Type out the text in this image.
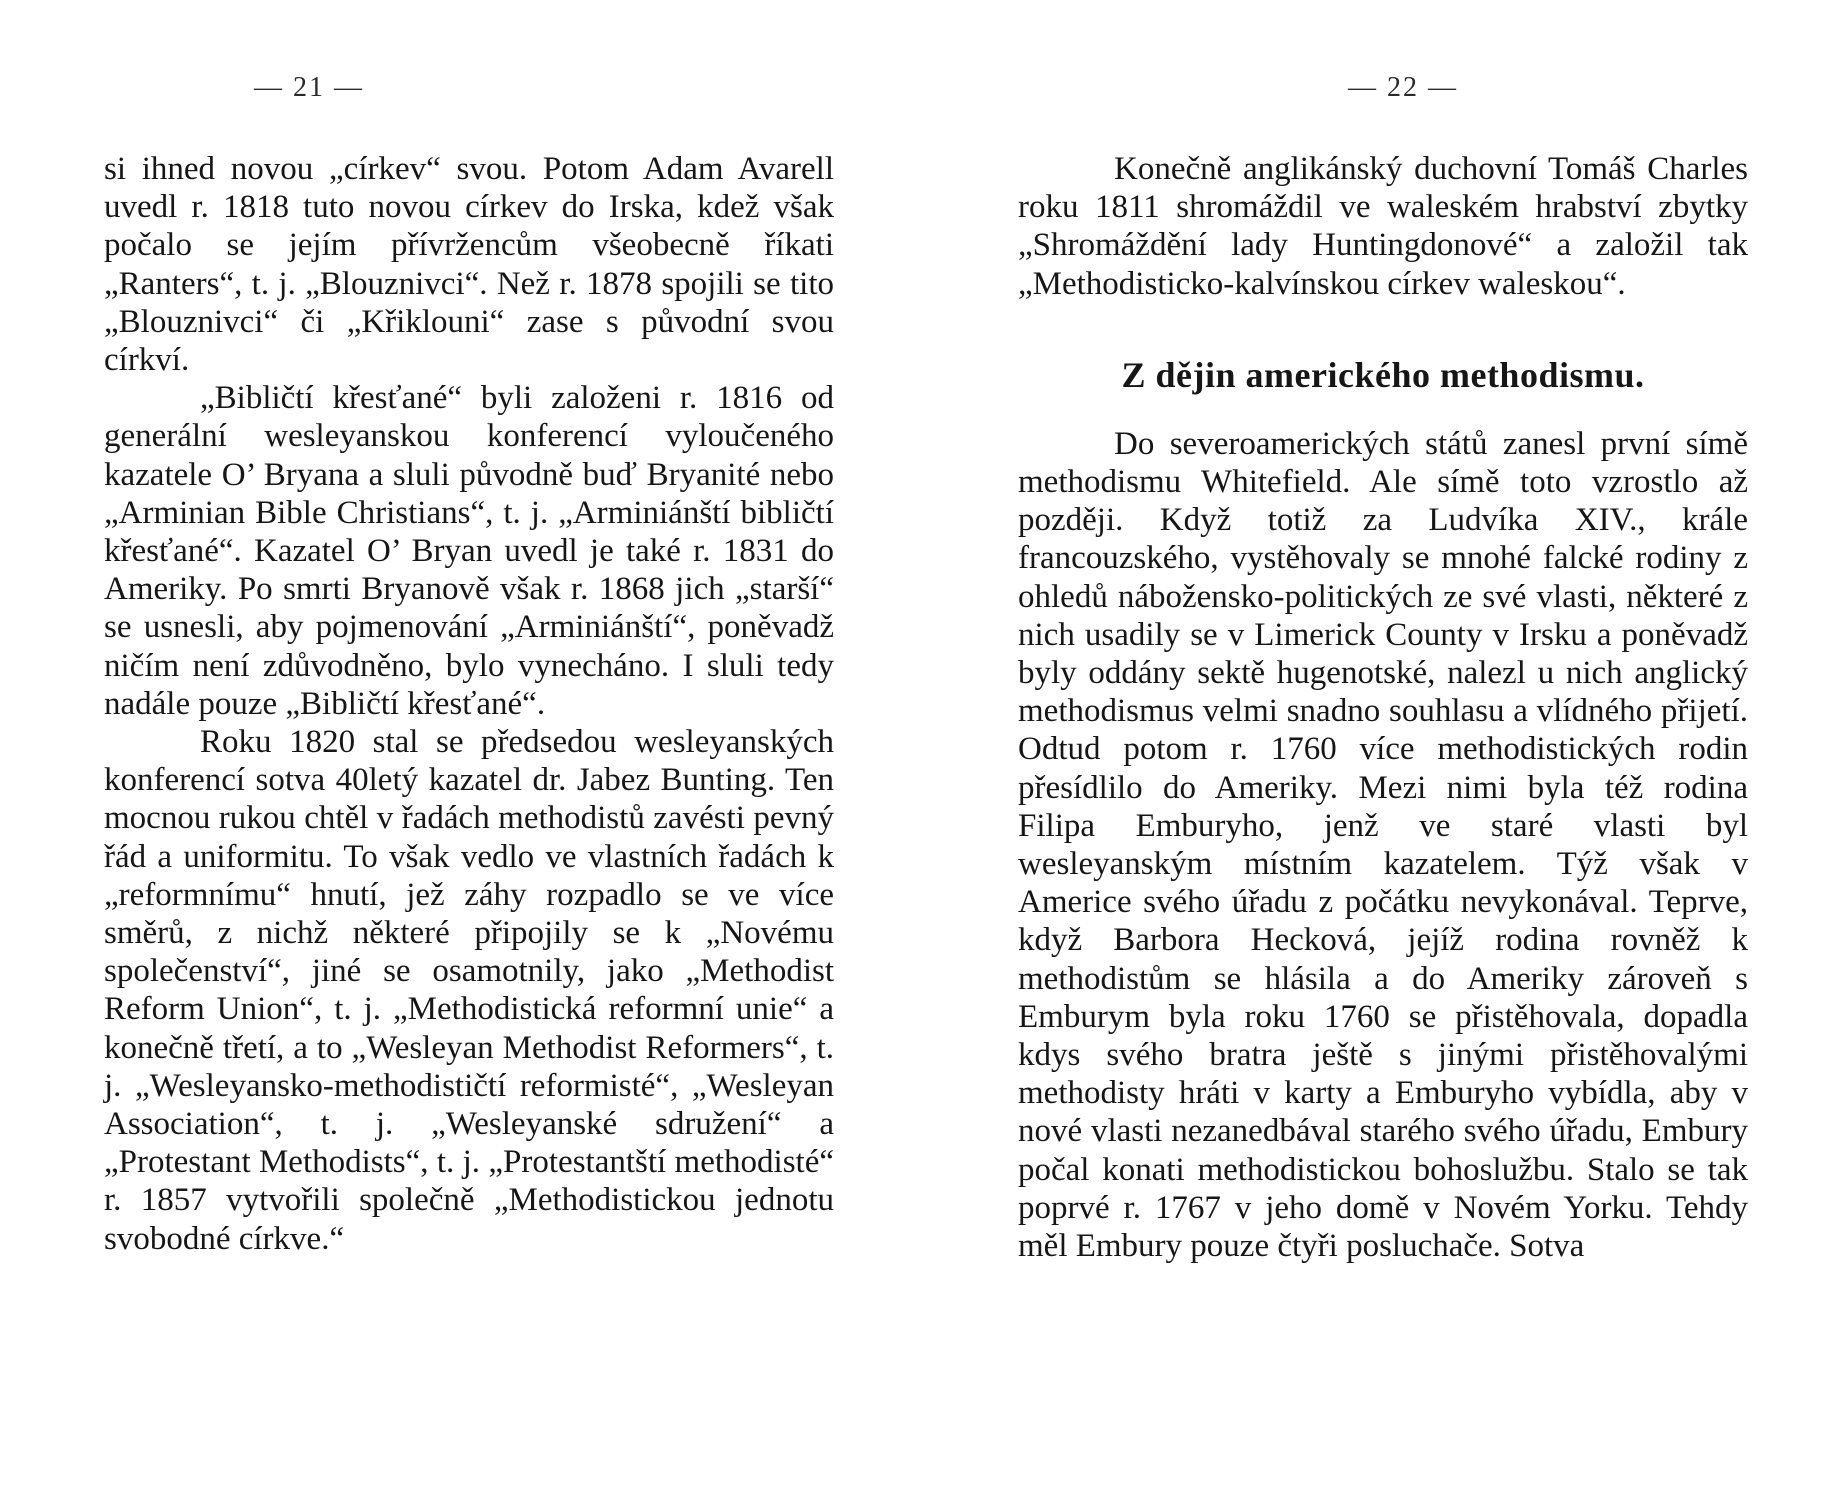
— 21 —

si ihned novou „církev“ svou. Potom Adam Avarell uvedl r. 1818 tuto novou církev do Irska, kdež však počalo se jejím přívržencům všeobecně říkati „Ranters“, t. j. „Blouznivci“. Než r. 1878 spojili se tito „Blouznivci“ či „Křiklouni“ zase s původní svou církví.

„Bibličtí křesťané“ byli založeni r. 1816 od generální wesleyanskou konferencí vyloučeného kazatele O’ Bryana a sluli původně buď Bryanité nebo „Arminian Bible Christians“, t. j. „Arminiánští bibličtí křesťané“. Kazatel O’ Bryan uvedl je také r. 1831 do Ameriky. Po smrti Bryanově však r. 1868 jich „starší“ se usnesli, aby pojmenování „Arminiánští“, poněvadž ničím není zdůvodněno, bylo vynecháno. I sluli tedy nadále pouze „Bibličtí křesťané“.

Roku 1820 stal se předsedou wesleyanských konferencí sotva 40letý kazatel dr. Jabez Bunting. Ten mocnou rukou chtěl v řadách methodistů zavésti pevný řád a uniformitu. To však vedlo ve vlastních řadách k „reformnímu“ hnutí, jež záhy rozpadlo se ve více směrů, z nichž některé připojily se k „Novému společenství“, jiné se osamotnily, jako „Methodist Reform Union“, t. j. „Methodistická reformní unie“ a konečně třetí, a to „Wesleyan Methodist Reformers“, t. j. „Wesleyansko-methodističtí reformisté“, „Wesleyan Association“, t. j. „Wesleyanské sdružení“ a „Protestant Methodists“, t. j. „Protestantští methodisté“ r. 1857 vytvořili společně „Methodistickou jednotu svobodné církve.“

— 22 —

Konečně anglikánský duchovní Tomáš Charles roku 1811 shromáždil ve waleském hrabství zbytky „Shromáždění lady Huntingdonové“ a založil tak „Methodisticko-kalvínskou církev waleskou“.

Z dějin amerického methodismu.

Do severoamerických států zanesl první símě methodismu Whitefield. Ale símě toto vzrostlo až později. Když totiž za Ludvíka XIV., krále francouzského, vystěhovaly se mnohé falcké rodiny z ohledů nábožensko-politických ze své vlasti, některé z nich usadily se v Limerick County v Irsku a poněvadž byly oddány sektě hugenotské, nalezl u nich anglický methodismus velmi snadno souhlasu a vlídného přijetí. Odtud potom r. 1760 více methodistických rodin přesídlilo do Ameriky. Mezi nimi byla též rodina Filipa Emburyho, jenž ve staré vlasti byl wesleyanským místním kazatelem. Týž však v Americe svého úřadu z počátku nevykonával. Teprve, když Barbora Hecková, jejíž rodina rovněž k methodistům se hlásila a do Ameriky zároveň s Emburym byla roku 1760 se přistěhovala, dopadla kdys svého bratra ještě s jinými přistěhovalými methodisty hráti v karty a Emburyho vybídla, aby v nové vlasti nezanedbával starého svého úřadu, Embury počal konati methodistickou bohoslužbu. Stalo se tak poprvé r. 1767 v jeho domě v Novém Yorku. Tehdy měl Embury pouze čtyři posluchače. Sotva
